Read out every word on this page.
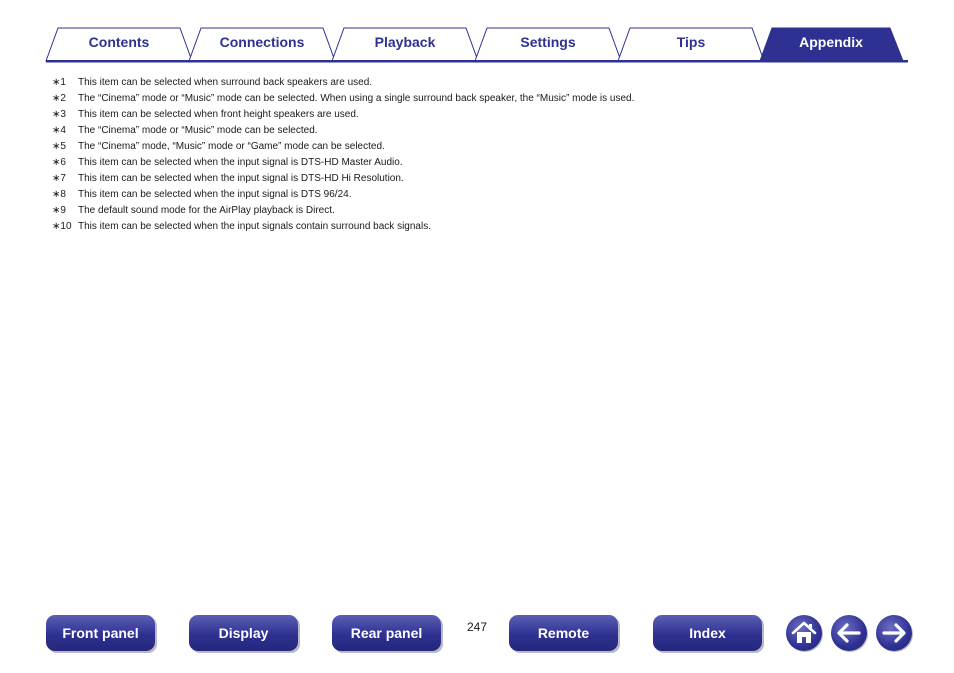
Contents	Connections	Playback	Settings	Tips	Appendix
∗1	This item can be selected when surround back speakers are used.
∗2	The “Cinema” mode or “Music” mode can be selected. When using a single surround back speaker, the “Music” mode is used.
∗3	This item can be selected when front height speakers are used.
∗4	The “Cinema” mode or “Music” mode can be selected.
∗5	The “Cinema” mode, “Music” mode or “Game” mode can be selected.
∗6	This item can be selected when the input signal is DTS-HD Master Audio.
∗7	This item can be selected when the input signal is DTS-HD Hi Resolution.
∗8	This item can be selected when the input signal is DTS 96/24.
∗9	The default sound mode for the AirPlay playback is Direct.
∗10 This item can be selected when the input signals contain surround back signals.
Front panel	Display	Rear panel	247	Remote	Index
